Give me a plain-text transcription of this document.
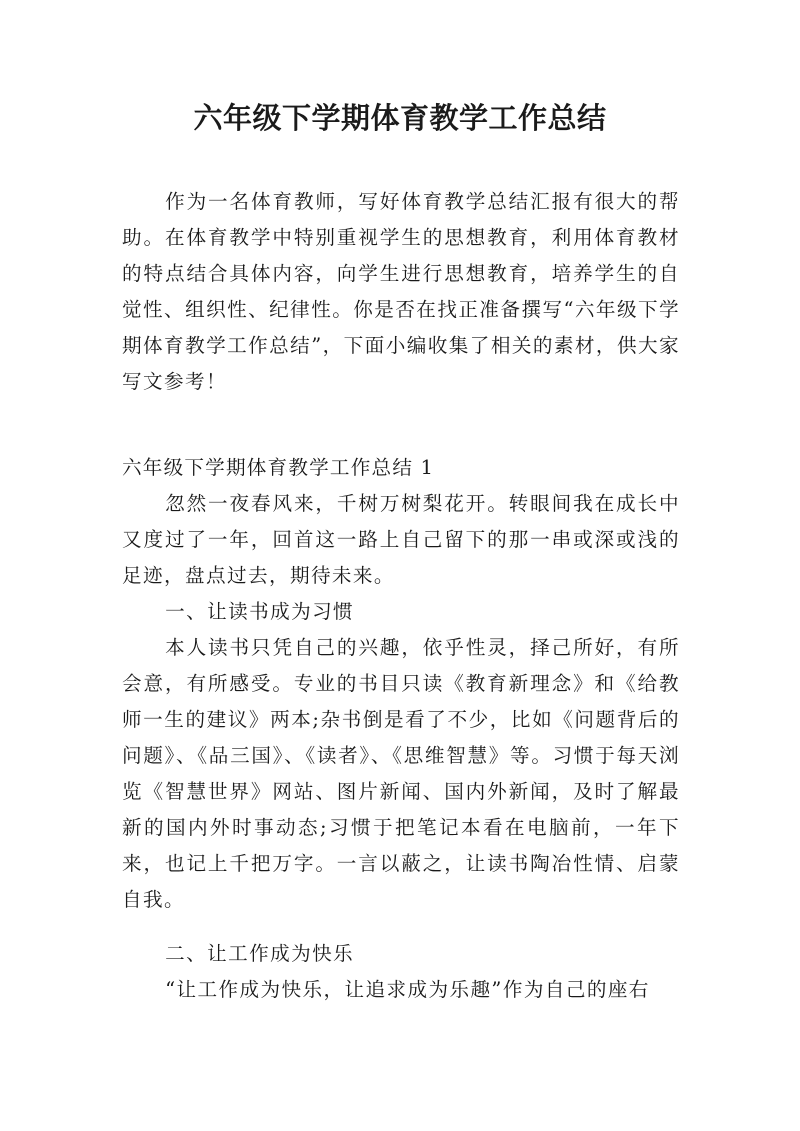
六年级下学期体育教学工作总结

作为一名体育教师，写好体育教学总结汇报有很大的帮助。在体育教学中特别重视学生的思想教育，利用体育教材的特点结合具体内容，向学生进行思想教育，培养学生的自觉性、组织性、纪律性。你是否在找正准备撰写“六年级下学期体育教学工作总结”，下面小编收集了相关的素材，供大家写文参考！

六年级下学期体育教学工作总结 1

忽然一夜春风来，千树万树梨花开。转眼间我在成长中又度过了一年，回首这一路上自己留下的那一串或深或浅的足迹，盘点过去，期待未来。

一、让读书成为习惯

本人读书只凭自己的兴趣，依乎性灵，择己所好，有所会意，有所感受。专业的书目只读《教育新理念》和《给教师一生的建议》两本;杂书倒是看了不少，比如《问题背后的问题》、《品三国》、《读者》、《思维智慧》等。习惯于每天浏览《智慧世界》网站、图片新闻、国内外新闻，及时了解最新的国内外时事动态;习惯于把笔记本看在电脑前，一年下来，也记上千把万字。一言以蔽之，让读书陶冶性情、启蒙自我。

二、让工作成为快乐

“让工作成为快乐，让追求成为乐趣”作为自己的座右
